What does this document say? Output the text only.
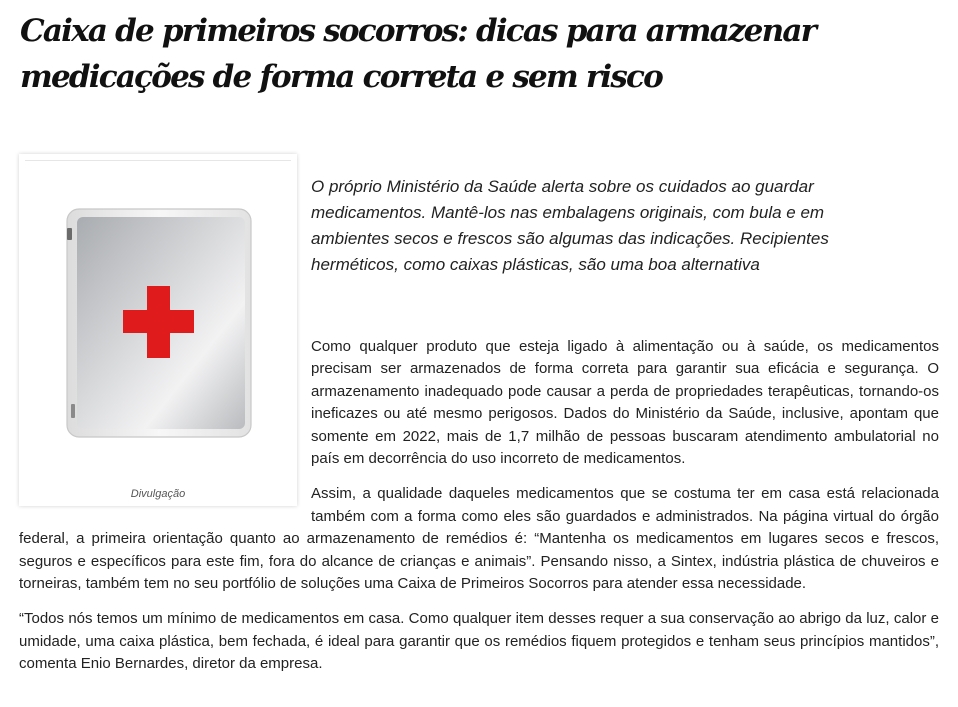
Caixa de primeiros socorros: dicas para armazenar medicações de forma correta e sem risco
Divulgação

O próprio Ministério da Saúde alerta sobre os cuidados ao guardar medicamentos. Mantê-los nas embalagens originais, com bula e em ambientes secos e frescos são algumas das indicações. Recipientes herméticos, como caixas plásticas, são uma boa alternativa

Como qualquer produto que esteja ligado à alimentação ou à saúde, os medicamentos precisam ser armazenados de forma correta para garantir sua eficácia e segurança. O armazenamento inadequado pode causar a perda de propriedades terapêuticas, tornando-os ineficazes ou até mesmo perigosos. Dados do Ministério da Saúde, inclusive, apontam que somente em 2022, mais de 1,7 milhão de pessoas buscaram atendimento ambulatorial no país em decorrência do uso incorreto de medicamentos.

Assim, a qualidade daqueles medicamentos que se costuma ter em casa está relacionada também com a forma como eles são guardados e administrados. Na página virtual do órgão federal, a primeira orientação quanto ao armazenamento de remédios é: “Mantenha os medicamentos em lugares secos e frescos, seguros e específicos para este fim, fora do alcance de crianças e animais”. Pensando nisso, a Sintex, indústria plástica de chuveiros e torneiras, também tem no seu portfólio de soluções uma Caixa de Primeiros Socorros para atender essa necessidade.

“Todos nós temos um mínimo de medicamentos em casa. Como qualquer item desses requer a sua conservação ao abrigo da luz, calor e umidade, uma caixa plástica, bem fechada, é ideal para garantir que os remédios fiquem protegidos e tenham seus princípios mantidos”, comenta Enio Bernardes, diretor da empresa.
